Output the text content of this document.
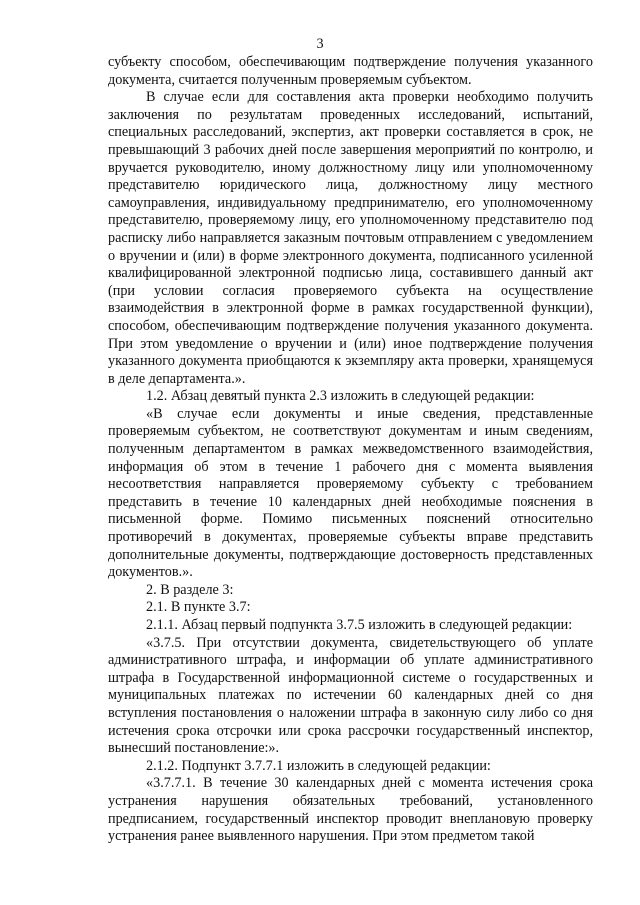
3

субъекту способом, обеспечивающим подтверждение получения указанного документа, считается полученным проверяемым субъектом.

В случае если для составления акта проверки необходимо получить заключения по результатам проведенных исследований, испытаний, специальных расследований, экспертиз, акт проверки составляется в срок, не превышающий 3 рабочих дней после завершения мероприятий по контролю, и вручается руководителю, иному должностному лицу или уполномоченному представителю юридического лица, должностному лицу местного самоуправления, индивидуальному предпринимателю, его уполномоченному представителю, проверяемому лицу, его уполномоченному представителю под расписку либо направляется заказным почтовым отправлением с уведомлением о вручении и (или) в форме электронного документа, подписанного усиленной квалифицированной электронной подписью лица, составившего данный акт (при условии согласия проверяемого субъекта на осуществление взаимодействия в электронной форме в рамках государственной функции), способом, обеспечивающим подтверждение получения указанного документа. При этом уведомление о вручении и (или) иное подтверждение получения указанного документа приобщаются к экземпляру акта проверки, хранящемуся в деле департамента.».

1.2. Абзац девятый пункта 2.3 изложить в следующей редакции:

«В случае если документы и иные сведения, представленные проверяемым субъектом, не соответствуют документам и иным сведениям, полученным департаментом в рамках межведомственного взаимодействия, информация об этом в течение 1 рабочего дня с момента выявления несоответствия направляется проверяемому субъекту с требованием представить в течение 10 календарных дней необходимые пояснения в письменной форме. Помимо письменных пояснений относительно противоречий в документах, проверяемые субъекты вправе представить дополнительные документы, подтверждающие достоверность представленных документов.».

2. В разделе 3:

2.1. В пункте 3.7:

2.1.1. Абзац первый подпункта 3.7.5 изложить в следующей редакции:

«3.7.5. При отсутствии документа, свидетельствующего об уплате административного штрафа, и информации об уплате административного штрафа в Государственной информационной системе о государственных и муниципальных платежах по истечении 60 календарных дней со дня вступления постановления о наложении штрафа в законную силу либо со дня истечения срока отсрочки или срока рассрочки государственный инспектор, вынесший постановление:».

2.1.2. Подпункт 3.7.7.1 изложить в следующей редакции:

«3.7.7.1. В течение 30 календарных дней с момента истечения срока устранения нарушения обязательных требований, установленного предписанием, государственный инспектор проводит внеплановую проверку устранения ранее выявленного нарушения. При этом предметом такой
